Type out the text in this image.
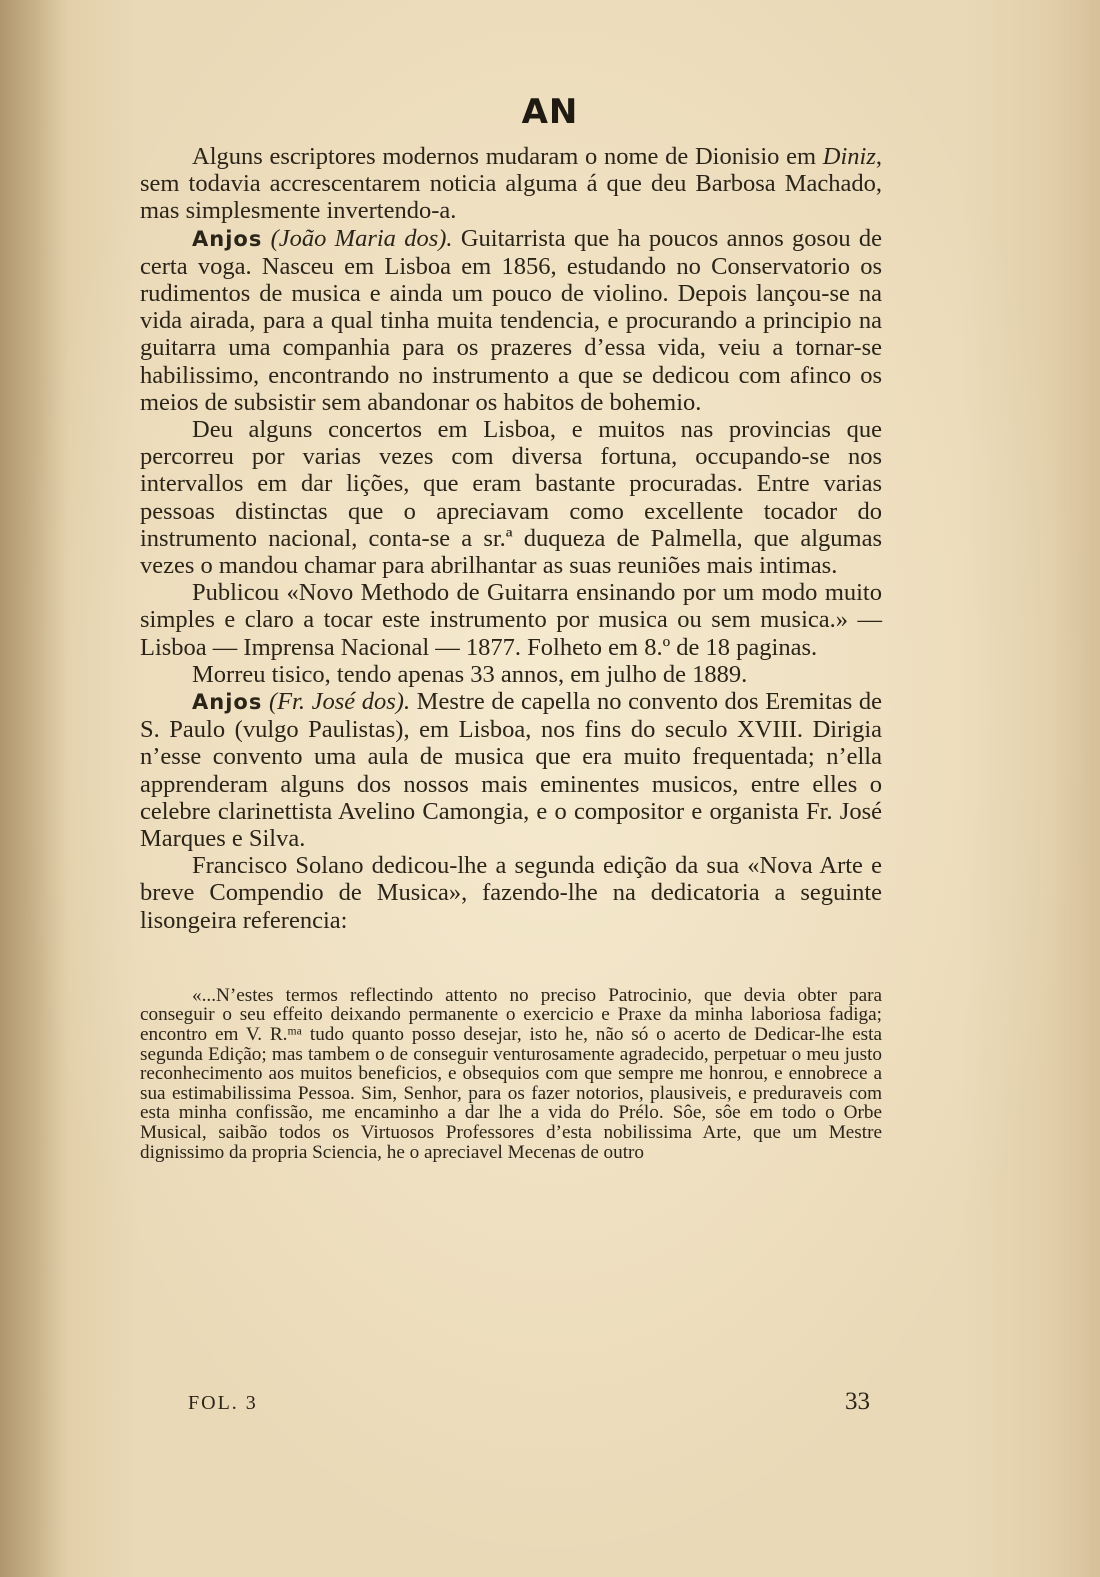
AN

Alguns escriptores modernos mudaram o nome de Dionisio em Diniz, sem todavia accrescentarem noticia alguma á que deu Barbosa Machado, mas simplesmente invertendo-a.

Anjos (João Maria dos). Guitarrista que ha poucos annos gosou de certa voga. Nasceu em Lisboa em 1856, estudando no Conservatorio os rudimentos de musica e ainda um pouco de violino. Depois lançou-se na vida airada, para a qual tinha muita tendencia, e procurando a principio na guitarra uma companhia para os prazeres d’essa vida, veiu a tornar-se habilissimo, encontrando no instrumento a que se dedicou com afinco os meios de subsistir sem abandonar os habitos de bohemio.

Deu alguns concertos em Lisboa, e muitos nas provincias que percorreu por varias vezes com diversa fortuna, occupando-se nos intervallos em dar lições, que eram bastante procuradas. Entre varias pessoas distinctas que o apreciavam como excellente tocador do instrumento nacional, conta-se a sr.ª duqueza de Palmella, que algumas vezes o mandou chamar para abrilhantar as suas reuniões mais intimas.

Publicou «Novo Methodo de Guitarra ensinando por um modo muito simples e claro a tocar este instrumento por musica ou sem musica.» — Lisboa — Imprensa Nacional — 1877. Folheto em 8.º de 18 paginas.

Morreu tisico, tendo apenas 33 annos, em julho de 1889.

Anjos (Fr. José dos). Mestre de capella no convento dos Eremitas de S. Paulo (vulgo Paulistas), em Lisboa, nos fins do seculo XVIII. Dirigia n’esse convento uma aula de musica que era muito frequentada; n’ella apprenderam alguns dos nossos mais eminentes musicos, entre elles o celebre clarinettista Avelino Camongia, e o compositor e organista Fr. José Marques e Silva.

Francisco Solano dedicou-lhe a segunda edição da sua «Nova Arte e breve Compendio de Musica», fazendo-lhe na dedicatoria a seguinte lisongeira referencia:

«...N’estes termos reflectindo attento no preciso Patrocinio, que devia obter para conseguir o seu effeito deixando permanente o exercicio e Praxe da minha laboriosa fadiga; encontro em V. R.ᵐᵃ tudo quanto posso desejar, isto he, não só o acerto de Dedicar-lhe esta segunda Edição; mas tambem o de conseguir venturosamente agradecido, perpetuar o meu justo reconhecimento aos muitos beneficios, e obsequios com que sempre me honrou, e ennobrece a sua estimabilissima Pessoa. Sim, Senhor, para os fazer notorios, plausiveis, e preduraveis com esta minha confissão, me encaminho a dar lhe a vida do Prélo. Sôe, sôe em todo o Orbe Musical, saibão todos os Virtuosos Professores d’esta nobilissima Arte, que um Mestre dignissimo da propria Sciencia, he o apreciavel Mecenas de outro

FOL. 3	33
